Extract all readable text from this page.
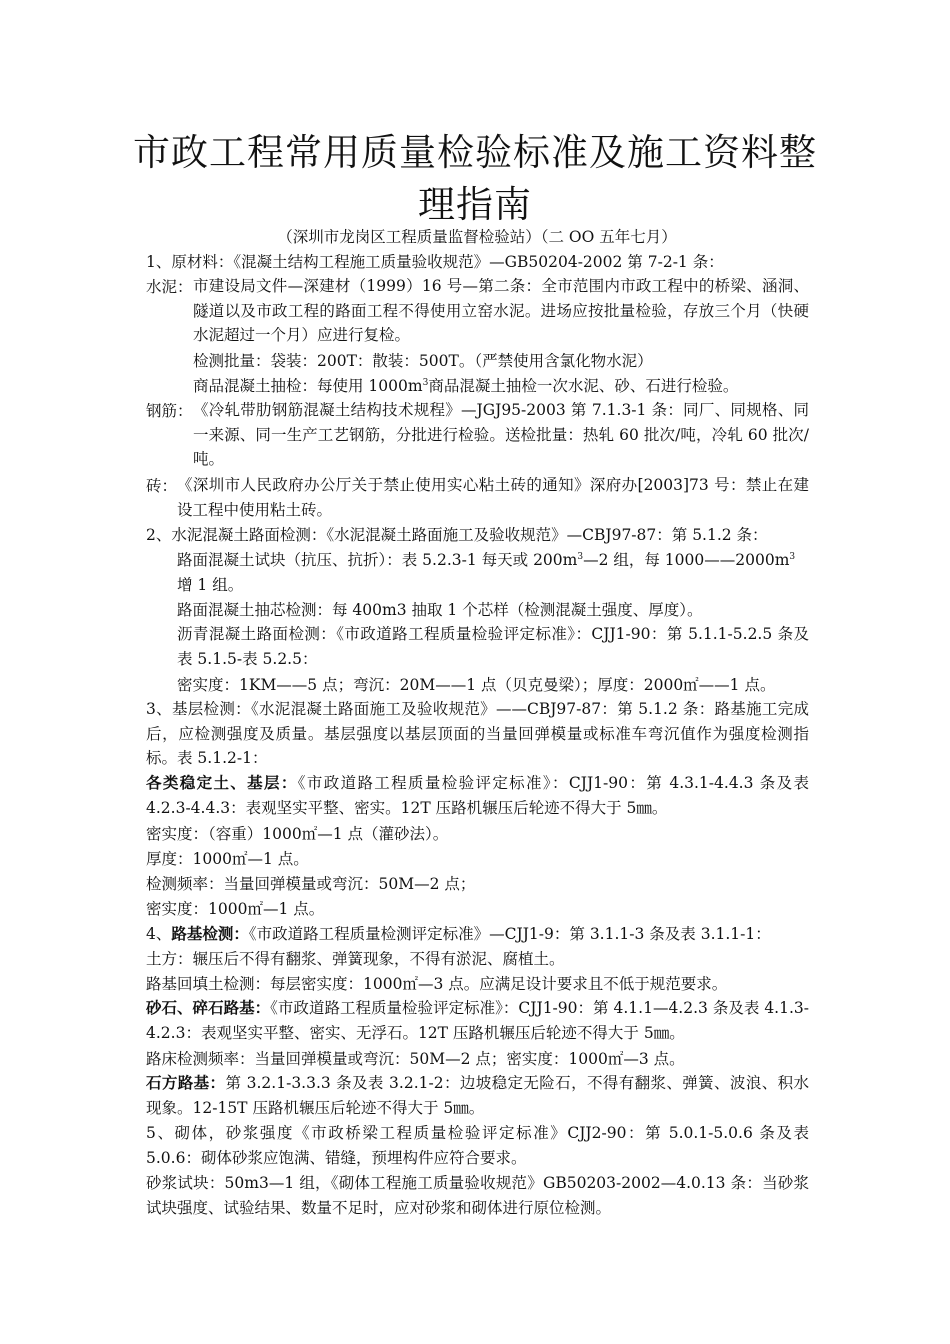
市政工程常用质量检验标准及施工资料整
理指南
（深圳市龙岗区工程质量监督检验站）（二 OO 五年七月）
1、原材料：《混凝土结构工程施工质量验收规范》—GB50204-2002 第 7-2-1 条：
水泥： 市建设局文件—深建材（1999）16 号—第二条：全市范围内市政工程中的桥梁、涵洞、隧道以及市政工程的路面工程不得使用立窑水泥。进场应按批量检验，存放三个月（快硬水泥超过一个月）应进行复检。
检测批量：袋装：200T：散装：500T。（严禁使用含氯化物水泥）
商品混凝土抽检：每使用 $1000m^3$商品混凝土抽检一次水泥、砂、石进行检验。
钢筋： 《冷轧带肋钢筋混凝土结构技术规程》—JGJ95-2003 第 7.1.3-1 条：同厂、同规格、同一来源、同一生产工艺钢筋，分批进行检验。送检批量：热轧 60 批次/吨，冷轧 60 批次/吨。
砖： 《深圳市人民政府办公厅关于禁止使用实心粘土砖的通知》深府办[2003]73 号：禁止在建设工程中使用粘土砖。
2、水泥混凝土路面检测：《水泥混凝土路面施工及验收规范》—CBJ97-87：第 5.1.2 条：
路面混凝土试块（抗压、抗折）：表 5.2.3-1 每天或 $200m^3—2$ 组，每 $1000——2000m^3$
增 1 组。
路面混凝土抽芯检测：每 400m3 抽取 1 个芯样（检测混凝土强度、厚度）。
沥青混凝土路面检测：《市政道路工程质量检验评定标准》：CJJ1-90：第 5.1.1-5.2.5 条及表 5.1.5-表 5.2.5：
密实度：1KM——5 点；弯沉：20M——1 点（贝克曼梁）；厚度：2000㎡——1 点。
3、基层检测：《水泥混凝土路面施工及验收规范》——CBJ97-87：第 5.1.2 条：路基施工完成后，应检测强度及质量。基层强度以基层顶面的当量回弹模量或标准车弯沉值作为强度检测指标。表 5.1.2-1：
各类稳定土、基层：《市政道路工程质量检验评定标准》：CJJ1-90：第 4.3.1-4.4.3 条及表 4.2.3-4.4.3：表观坚实平整、密实。12T 压路机辗压后轮迹不得大于 5㎜。
密实度：（容重）1000㎡—1 点（灌砂法）。
厚度：1000㎡—1 点。
检测频率：当量回弹模量或弯沉：50M—2 点；
密实度：1000㎡—1 点。
4、路基检测：《市政道路工程质量检测评定标准》—CJJ1-9：第 3.1.1-3 条及表 3.1.1-1：
土方：辗压后不得有翻浆、弹簧现象，不得有淤泥、腐植土。
路基回填土检测：每层密实度：1000㎡—3 点。应满足设计要求且不低于规范要求。
砂石、碎石路基：《市政道路工程质量检验评定标准》：CJJ1-90：第 4.1.1—4.2.3 条及表 4.1.3-4.2.3：表观坚实平整、密实、无浮石。12T 压路机辗压后轮迹不得大于 5㎜。
路床检测频率：当量回弹模量或弯沉：50M—2 点；密实度：1000㎡—3 点。
石方路基：第 3.2.1-3.3.3 条及表 3.2.1-2：边坡稳定无险石，不得有翻浆、弹簧、波浪、积水现象。12-15T 压路机辗压后轮迹不得大于 5㎜。
5、砌体，砂浆强度《市政桥梁工程质量检验评定标准》CJJ2-90：第 5.0.1-5.0.6 条及表 5.0.6：砌体砂浆应饱满、错缝，预埋构件应符合要求。
砂浆试块：50m3—1 组，《砌体工程施工质量验收规范》GB50203-2002—4.0.13 条：当砂浆试块强度、试验结果、数量不足时，应对砂浆和砌体进行原位检测。
